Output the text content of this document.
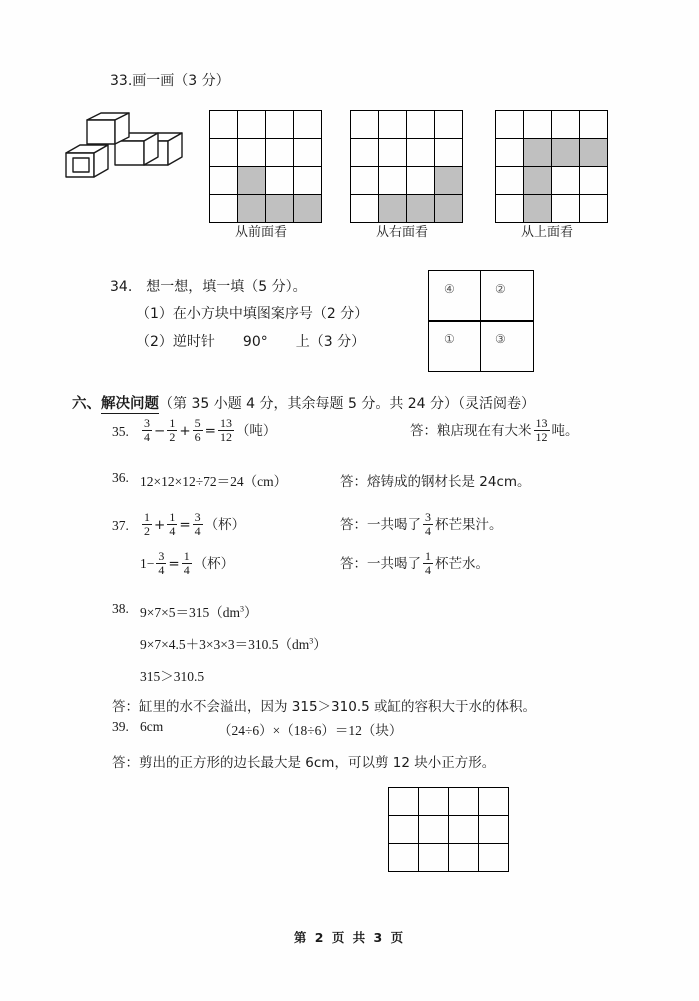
33.画一画（3 分）

从前面看	从右面看	从上面看
34.　想一想，填一填（5 分）。
（1）在小方块中填图案序号（2 分）
（2）逆时针　　90°　　上（3 分）
④	②
①	③
六、解决问题（第 35 小题 4 分，其余每题 5 分。共 24 分）（灵活阅卷）
35. $\frac{3}{4} - \frac{1}{2} + \frac{5}{6} = \frac{13}{12}$ （吨）	答：粮店现在有大米 $\frac{13}{12}$ 吨。
36. 12×12×12÷72＝24（cm）	答：熔铸成的钢材长是 24cm。
37. $\frac{1}{2} + \frac{1}{4} = \frac{3}{4}$ （杯）	答：一共喝了 $\frac{3}{4}$ 杯芒果汁。
$1- \frac{3}{4} = \frac{1}{4}$ （杯）	答：一共喝了 $\frac{1}{4}$ 杯芒水。
38. $9\times 7\times 5=315(dm^3)$
$9\times 7\times 4.5+3\times 3\times 3=310.5(dm^3)$
315＞310.5
答：缸里的水不会溢出，因为 315＞310.5 或缸的容积大于水的体积。
39. 6cm	（24÷6）×（18÷6）＝12（块）
答：剪出的正方形的边长最大是 6cm，可以剪 12 块小正方形。

第 2 页 共 3 页
